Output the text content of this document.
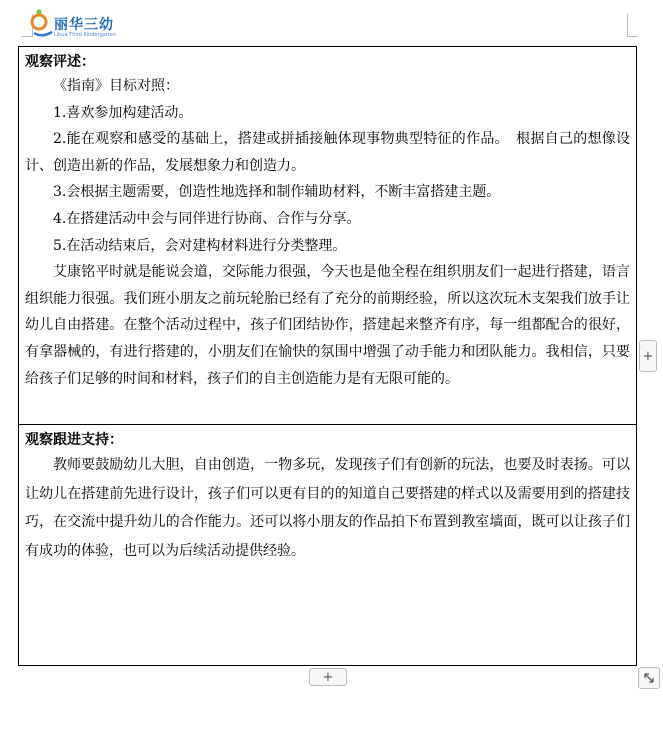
丽华三幼
Lihua Third Kindergarten
观察评述：

《指南》目标对照：

1.喜欢参加构建活动。

2.能在观察和感受的基础上，搭建或拼插接触体现事物典型特征的作品。　根据自己的想像设计、创造出新的作品，发展想象力和创造力。

3.会根据主题需要，创造性地选择和制作辅助材料，不断丰富搭建主题。

4.在搭建活动中会与同伴进行协商、合作与分享。

5.在活动结束后，会对建构材料进行分类整理。

艾康铭平时就是能说会道，交际能力很强，今天也是他全程在组织朋友们一起进行搭建，语言组织能力很强。我们班小朋友之前玩轮胎已经有了充分的前期经验，所以这次玩木支架我们放手让幼儿自由搭建。在整个活动过程中，孩子们团结协作，搭建起来整齐有序，每一组都配合的很好，有拿器械的，有进行搭建的，小朋友们在愉快的氛围中增强了动手能力和团队能力。我相信，只要给孩子们足够的时间和材料，孩子们的自主创造能力是有无限可能的。

观察跟进支持：

教师要鼓励幼儿大胆，自由创造，一物多玩，发现孩子们有创新的玩法，也要及时表扬。可以让幼儿在搭建前先进行设计，孩子们可以更有目的的知道自己要搭建的样式以及需要用到的搭建技巧，在交流中提升幼儿的合作能力。还可以将小朋友的作品拍下布置到教室墙面，既可以让孩子们有成功的体验，也可以为后续活动提供经验。

+
+
